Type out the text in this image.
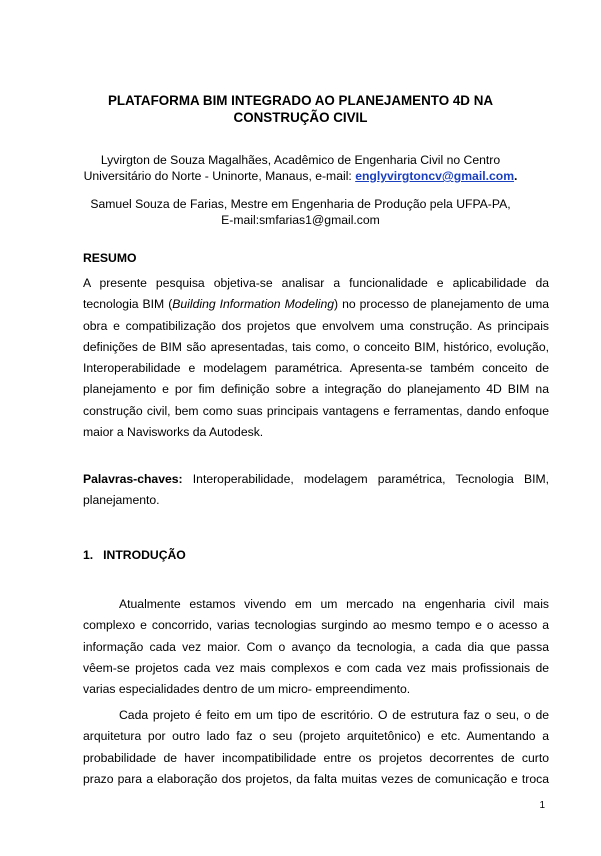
PLATAFORMA BIM INTEGRADO AO PLANEJAMENTO 4D NA
CONSTRUÇÃO CIVIL
Lyvirgton de Souza Magalhães, Acadêmico de Engenharia Civil no Centro
Universitário do Norte - Uninorte, Manaus, e-mail: englyvirgtoncv@gmail.com.
Samuel Souza de Farias, Mestre em Engenharia de Produção pela UFPA-PA,
E-mail:smfarias1@gmail.com
RESUMO
A presente pesquisa objetiva-se analisar a funcionalidade e aplicabilidade da
tecnologia BIM (Building Information Modeling) no processo de planejamento de uma
obra e compatibilização dos projetos que envolvem uma construção. As principais
definições de BIM são apresentadas, tais como, o conceito BIM, histórico, evolução,
Interoperabilidade e modelagem paramétrica. Apresenta-se também conceito de
planejamento e por fim definição sobre a integração do planejamento 4D BIM na
construção civil, bem como suas principais vantagens e ferramentas, dando enfoque
maior a Navisworks da Autodesk.
Palavras-chaves: Interoperabilidade, modelagem paramétrica, Tecnologia BIM,
planejamento.
1. INTRODUÇÃO
Atualmente estamos vivendo em um mercado na engenharia civil mais
complexo e concorrido, varias tecnologias surgindo ao mesmo tempo e o acesso a
informação cada vez maior. Com o avanço da tecnologia, a cada dia que passa
vêem-se projetos cada vez mais complexos e com cada vez mais profissionais de
varias especialidades dentro de um micro- empreendimento.
Cada projeto é feito em um tipo de escritório. O de estrutura faz o seu, o de
arquitetura por outro lado faz o seu (projeto arquitetônico) e etc. Aumentando a
probabilidade de haver incompatibilidade entre os projetos decorrentes de curto
prazo para a elaboração dos projetos, da falta muitas vezes de comunicação e troca
1
